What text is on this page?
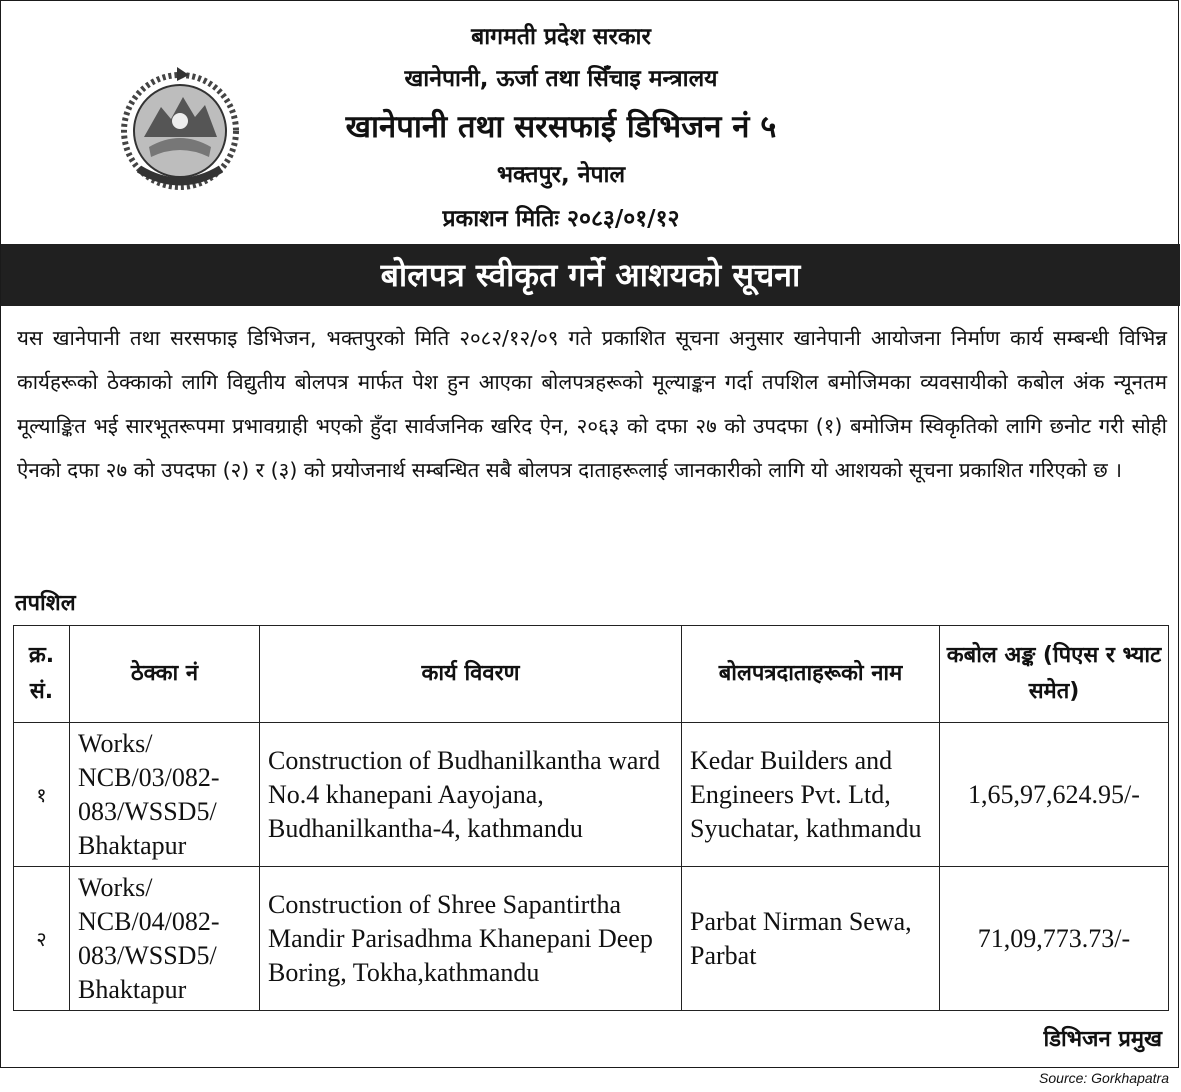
बागमती प्रदेश सरकार
खानेपानी, ऊर्जा तथा सिँचाइ मन्त्रालय
खानेपानी तथा सरसफाई डिभिजन नं ५
भक्तपुर, नेपाल
प्रकाशन मितिः २०८३/०१/१२
बोलपत्र स्वीकृत गर्ने आशयको सूचना
यस खानेपानी तथा सरसफाइ डिभिजन, भक्तपुरको मिति २०८२/१२/०९ गते प्रकाशित सूचना अनुसार खानेपानी आयोजना निर्माण कार्य सम्बन्धी विभिन्न कार्यहरूको ठेक्काको लागि विद्युतीय बोलपत्र मार्फत पेश हुन आएका बोलपत्रहरूको मूल्याङ्कन गर्दा तपशिल बमोजिमका व्यवसायीको कबोल अंक न्यूनतम मूल्याङ्कित भई सारभूतरूपमा प्रभावग्राही भएको हुँदा सार्वजनिक खरिद ऐन, २०६३ को दफा २७ को उपदफा (१) बमोजिम स्विकृतिको लागि छनोट गरी सोही ऐनको दफा २७ को उपदफा (२) र (३) को प्रयोजनार्थ सम्बन्धित सबै बोलपत्र दाताहरूलाई जानकारीको लागि यो आशयको सूचना प्रकाशित गरिएको छ ।
तपशिल
क्र. सं.	ठेक्का नं	कार्य विवरण	बोलपत्रदाताहरूको नाम	कबोल अङ्क (पिएस र भ्याट समेत)
१	Works/ NCB/03/082-083/WSSD5/ Bhaktapur	Construction of Budhanilkantha ward No.4 khanepani Aayojana, Budhanilkantha-4, kathmandu	Kedar Builders and Engineers Pvt. Ltd, Syuchatar, kathmandu	1,65,97,624.95/-
२	Works/ NCB/04/082-083/WSSD5/ Bhaktapur	Construction of Shree Sapantirtha Mandir Parisadhma Khanepani Deep Boring, Tokha,kathmandu	Parbat Nirman Sewa, Parbat	71,09,773.73/-
डिभिजन प्रमुख
Source: Gorkhapatra
